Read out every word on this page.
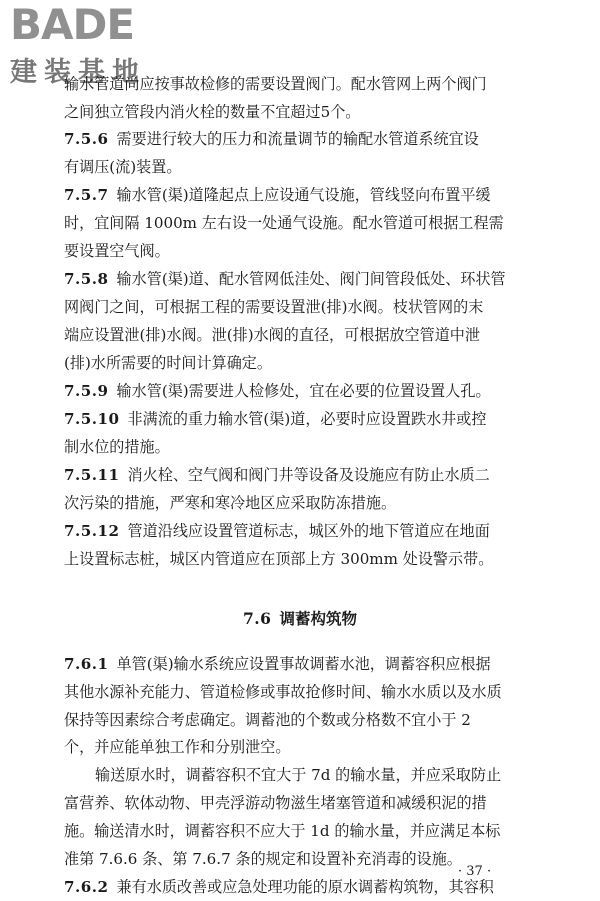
BADE
建装基地

输水管道尚应按事故检修的需要设置阀门。配水管网上两个阀门

之间独立管段内消火栓的数量不宜超过5个。

7.5.6 需要进行较大的压力和流量调节的输配水管道系统宜设

有调压(流)装置。

7.5.7 输水管(渠)道隆起点上应设通气设施，管线竖向布置平缓

时，宜间隔 1000m 左右设一处通气设施。配水管道可根据工程需

要设置空气阀。

7.5.8 输水管(渠)道、配水管网低洼处、阀门间管段低处、环状管

网阀门之间，可根据工程的需要设置泄(排)水阀。枝状管网的末

端应设置泄(排)水阀。泄(排)水阀的直径，可根据放空管道中泄

(排)水所需要的时间计算确定。

7.5.9 输水管(渠)需要进人检修处，宜在必要的位置设置人孔。

7.5.10 非满流的重力输水管(渠)道，必要时应设置跌水井或控

制水位的措施。

7.5.11 消火栓、空气阀和阀门井等设备及设施应有防止水质二

次污染的措施，严寒和寒冷地区应采取防冻措施。

7.5.12 管道沿线应设置管道标志，城区外的地下管道应在地面

上设置标志桩，城区内管道应在顶部上方 300mm 处设警示带。

7.6 调蓄构筑物

7.6.1 单管(渠)输水系统应设置事故调蓄水池，调蓄容积应根据

其他水源补充能力、管道检修或事故抢修时间、输水水质以及水质

保持等因素综合考虑确定。调蓄池的个数或分格数不宜小于 2

个，并应能单独工作和分别泄空。

输送原水时，调蓄容积不宜大于 7d 的输水量，并应采取防止

富营养、软体动物、甲壳浮游动物滋生堵塞管道和减缓积泥的措

施。输送清水时，调蓄容积不应大于 1d 的输水量，并应满足本标

准第 7.6.6 条、第 7.6.7 条的规定和设置补充消毒的设施。

7.6.2 兼有水质改善或应急处理功能的原水调蓄构筑物，其容积

· 37 ·
